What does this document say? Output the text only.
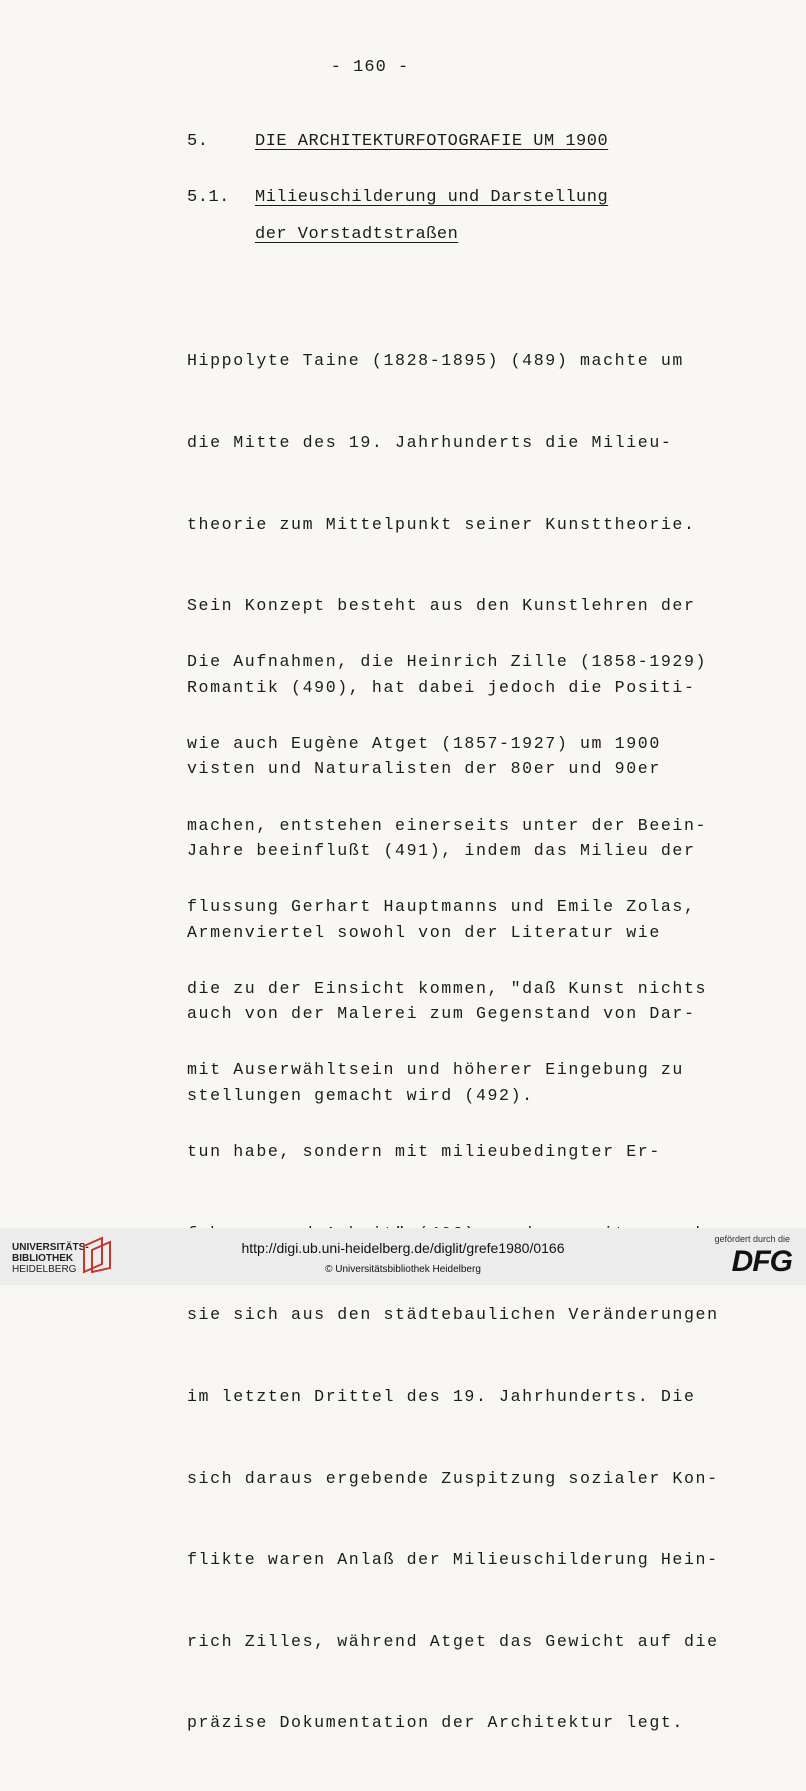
- 160 -
5.	DIE ARCHITEKTURFOTOGRAFIE UM 1900
5.1. Milieuschilderung und Darstellung
der Vorstadtstraßen

Hippolyte Taine (1828-1895) (489) machte um

die Mitte des 19. Jahrhunderts die Milieu-

theorie zum Mittelpunkt seiner Kunsttheorie.

Sein Konzept besteht aus den Kunstlehren der

Romantik (490), hat dabei jedoch die Positi-

visten und Naturalisten der 80er und 90er

Jahre beeinflußt (491), indem das Milieu der

Armenviertel sowohl von der Literatur wie

auch von der Malerei zum Gegenstand von Dar-

stellungen gemacht wird (492).

Die Aufnahmen, die Heinrich Zille (1858-1929)

wie auch Eugène Atget (1857-1927) um 1900

machen, entstehen einerseits unter der Beein-

flussung Gerhart Hauptmanns und Emile Zolas,

die zu der Einsicht kommen, "daß Kunst nichts

mit Auserwähltsein und höherer Eingebung zu

tun habe, sondern mit milieubedingter Er-

sie sich aus den städtebaulichen Veränderungen

im letzten Drittel des 19. Jahrhunderts. Die

sich daraus ergebende Zuspitzung sozialer Kon-

flikte waren Anlaß der Milieuschilderung Hein-

rich Zilles, während Atget das Gewicht auf die

präzise Dokumentation der Architektur legt.

UNIVERSITÄTS-
BIBLIOTHEK
HEIDELBERG
http://digi.ub.uni-heidelberg.de/diglit/grefe1980/0166
© Universitätsbibliothek Heidelberg
gefördert durch die
DFG
